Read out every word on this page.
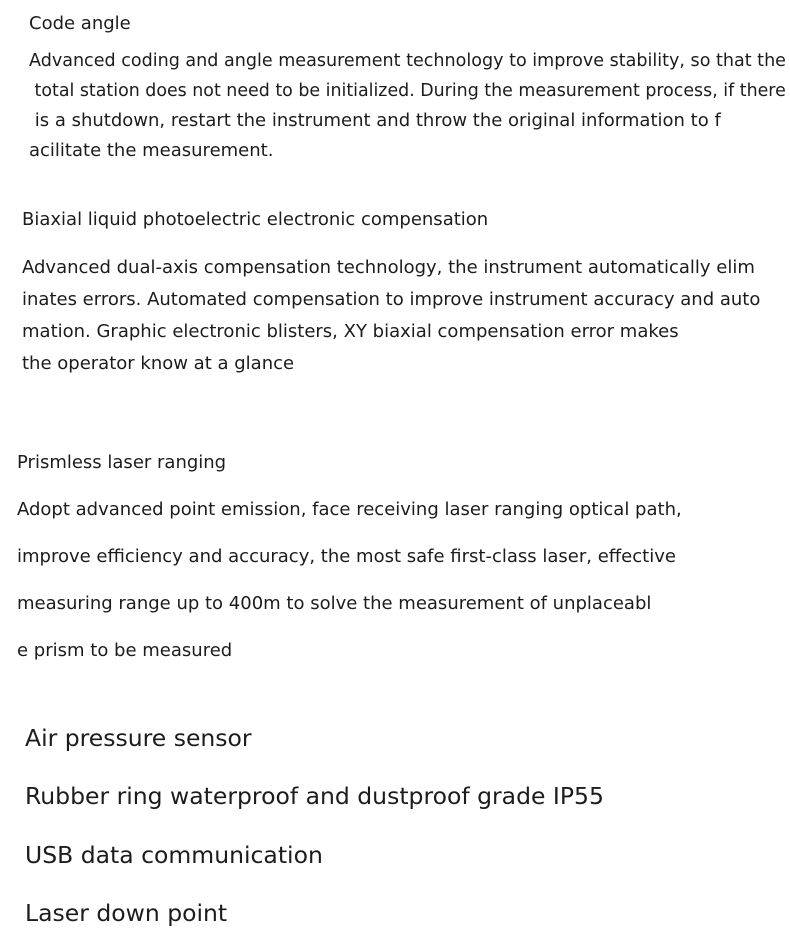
Code angle

Advanced coding and angle measurement technology to improve stability, so that the

total station does not need to be initialized. During the measurement process, if there

is a shutdown, restart the instrument and throw the original information to f

acilitate the measurement.

Biaxial liquid photoelectric electronic compensation

Advanced dual-axis compensation technology, the instrument automatically elim

inates errors. Automated compensation to improve instrument accuracy and auto

mation. Graphic electronic blisters, XY biaxial compensation error makes

the operator know at a glance

Prismless laser ranging

Adopt advanced point emission, face receiving laser ranging optical path,

improve efficiency and accuracy, the most safe first-class laser, effective

measuring range up to 400m to solve the measurement of unplaceabl

e prism to be measured

Air pressure sensor

Rubber ring waterproof and dustproof grade IP55

USB data communication

Laser down point
